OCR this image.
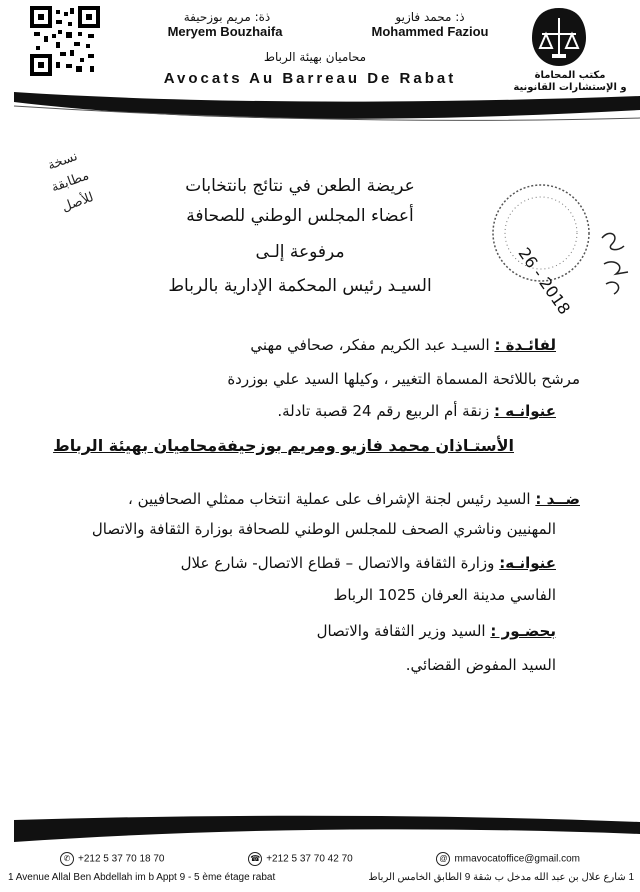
ذة: مريم بوزحيفة
Meryem Bouzhaifa
ذ: محمد فازيو
Mohammed Faziou
محاميان بهيئة الرباط
Avocats Au Barreau De Rabat	مكتب المحاماة
و الإستشارات القانونية
نسخة مطابقة للأصل
26 - 2018
عريضة الطعن في نتائج بانتخابات
أعضاء المجلس الوطني للصحافة
مرفوعة إلـى
السيـد رئيس المحكمة الإدارية بالرباط
لفائـدة : السيـد عبد الكريم مفكر، صحافي مهني
مرشح باللائحة المسماة التغيير ، وكيلها السيد علي بوزردة
عنوانـه : زنقة أم الربيع رقم 24 قصبة تادلة.
الأستـاذان محمد فازيو ومريم بوزحيفةمحاميان بهيئة الرباط
ضــد : السيد رئيس لجنة الإشراف على عملية انتخاب ممثلي الصحافيين ،
المهنيين وناشري الصحف للمجلس الوطني للصحافة بوزارة الثقافة والاتصال
عنوانـه: وزارة الثقافة والاتصال – قطاع الاتصال- شارع علال
الفاسي مدينة العرفان 1025 الرباط
بحضـور : السيد وزير الثقافة والاتصال
السيد المفوض القضائي.
✆ +212 5 37 70 18 70	☎ +212 5 37 70 42 70	@ mmavocatoffice@gmail.com
1 Avenue Allal Ben Abdellah im b Appt 9 - 5 ème étage rabat	1 شارع علال بن عبد الله مدخل ب شقة 9 الطابق الخامس الرباط
